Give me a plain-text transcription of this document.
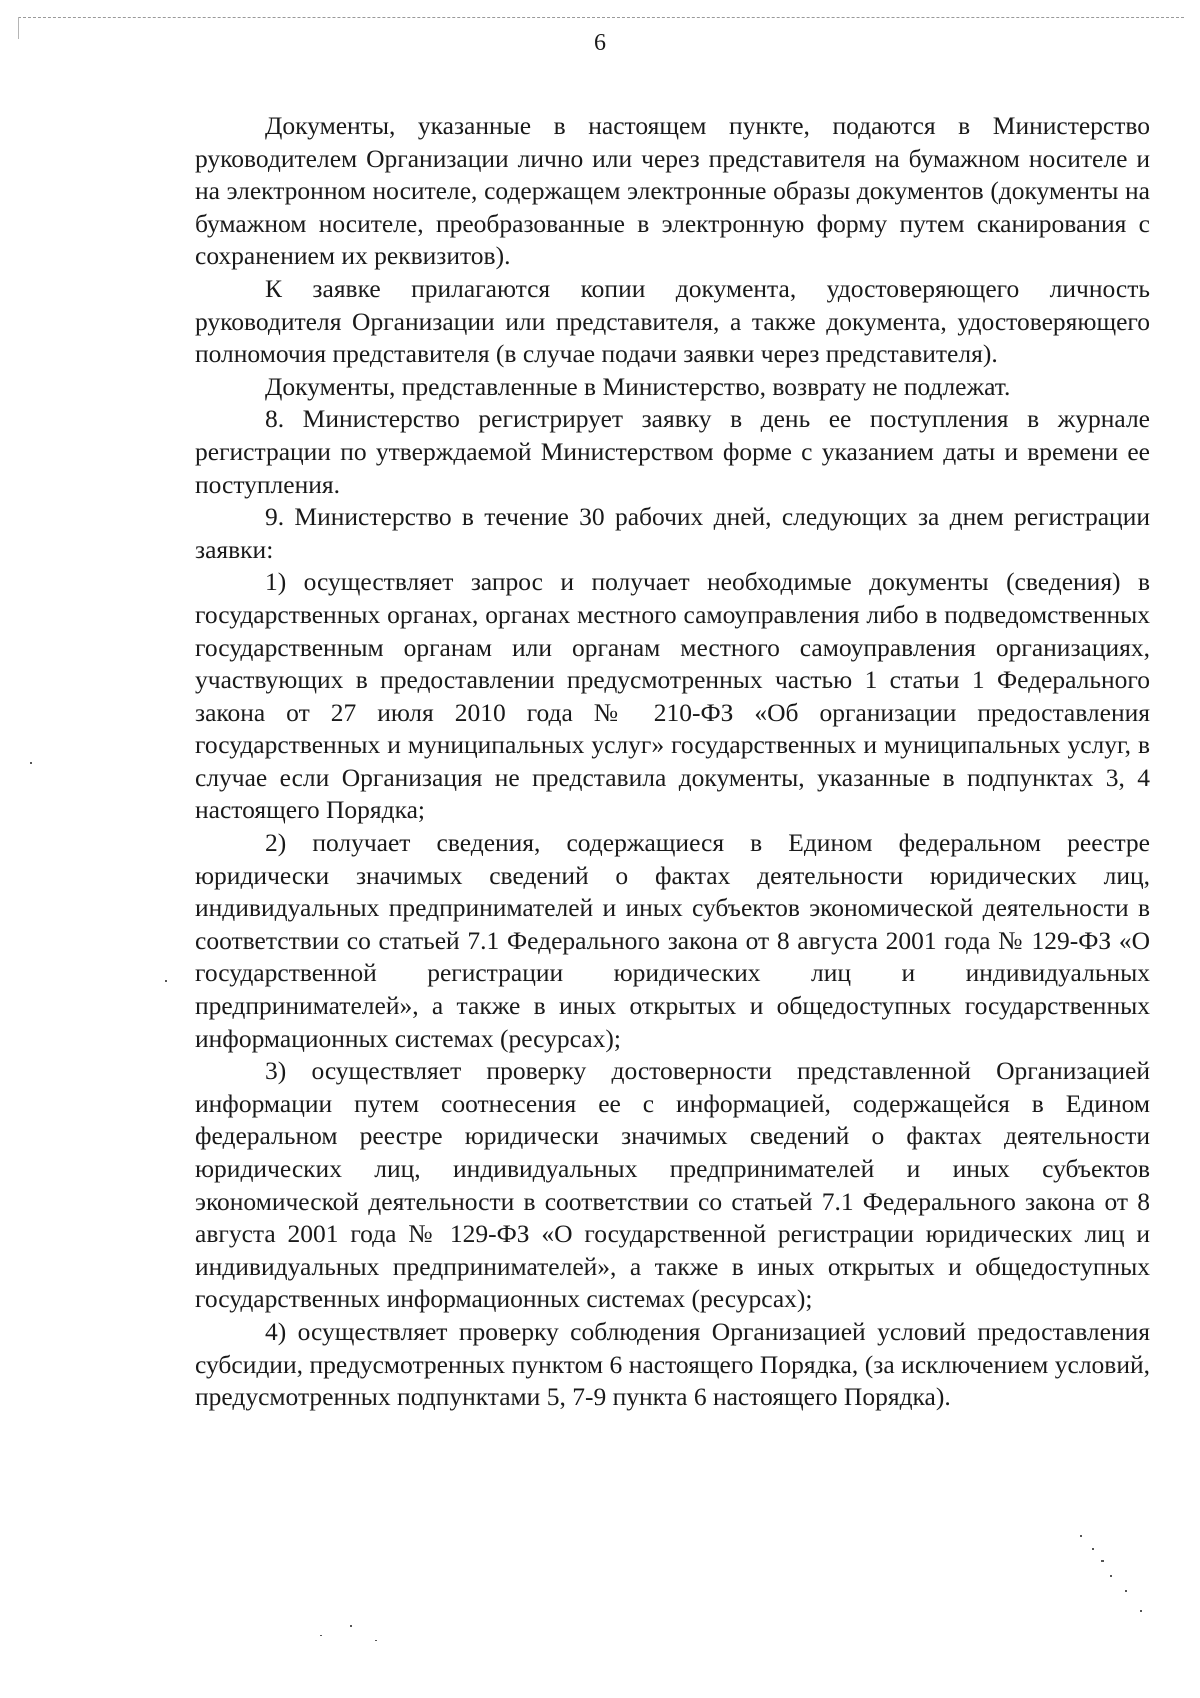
6

Документы, указанные в настоящем пункте, подаются в Министерство руководителем Организации лично или через представителя на бумажном носителе и на электронном носителе, содержащем электронные образы документов (документы на бумажном носителе, преобразованные в электронную форму путем сканирования с сохранением их реквизитов).

К заявке прилагаются копии документа, удостоверяющего личность руководителя Организации или представителя, а также документа, удостоверяющего полномочия представителя (в случае подачи заявки через представителя).

Документы, представленные в Министерство, возврату не подлежат.

8. Министерство регистрирует заявку в день ее поступления в журнале регистрации по утверждаемой Министерством форме с указанием даты и времени ее поступления.

9. Министерство в течение 30 рабочих дней, следующих за днем регистрации заявки:

1) осуществляет запрос и получает необходимые документы (сведения) в государственных органах, органах местного самоуправления либо в подведомственных государственным органам или органам местного самоуправления организациях, участвующих в предоставлении предусмотренных частью 1 статьи 1 Федерального закона от 27 июля 2010 года № 210-ФЗ «Об организации предоставления государственных и муниципальных услуг» государственных и муниципальных услуг, в случае если Организация не представила документы, указанные в подпунктах 3, 4 настоящего Порядка;

2) получает сведения, содержащиеся в Едином федеральном реестре юридически значимых сведений о фактах деятельности юридических лиц, индивидуальных предпринимателей и иных субъектов экономической деятельности в соответствии со статьей 7.1 Федерального закона от 8 августа 2001 года № 129-ФЗ «О государственной регистрации юридических лиц и индивидуальных предпринимателей», а также в иных открытых и общедоступных государственных информационных системах (ресурсах);

3) осуществляет проверку достоверности представленной Организацией информации путем соотнесения ее с информацией, содержащейся в Едином федеральном реестре юридически значимых сведений о фактах деятельности юридических лиц, индивидуальных предпринимателей и иных субъектов экономической деятельности в соответствии со статьей 7.1 Федерального закона от 8 августа 2001 года № 129-ФЗ «О государственной регистрации юридических лиц и индивидуальных предпринимателей», а также в иных открытых и общедоступных государственных информационных системах (ресурсах);

4) осуществляет проверку соблюдения Организацией условий предоставления субсидии, предусмотренных пунктом 6 настоящего Порядка, (за исключением условий, предусмотренных подпунктами 5, 7-9 пункта 6 настоящего Порядка).
